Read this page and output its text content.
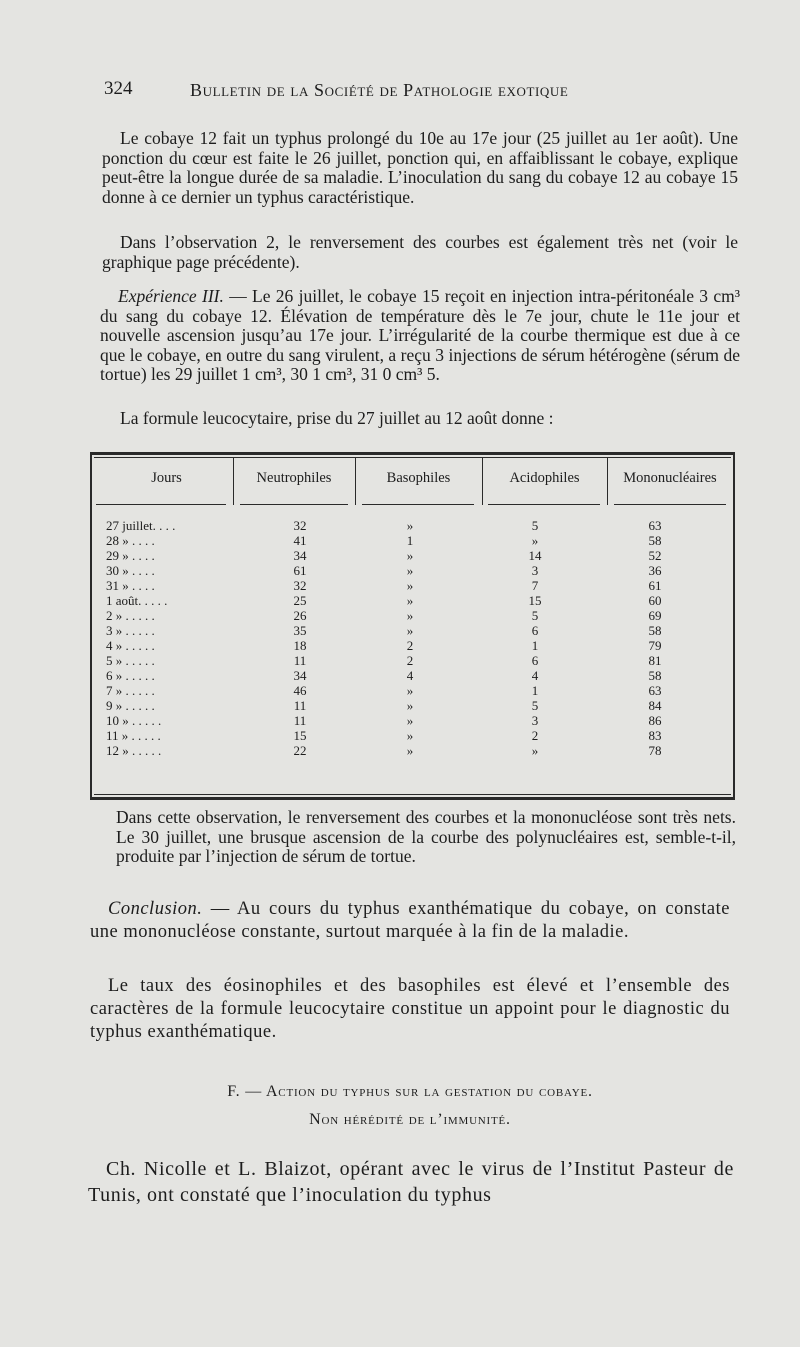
324	Bulletin de la Société de Pathologie exotique
Le cobaye 12 fait un typhus prolongé du 10e au 17e jour (25 juillet au 1er août). Une ponction du cœur est faite le 26 juillet, ponction qui, en affaiblissant le cobaye, explique peut-être la longue durée de sa maladie. L’inoculation du sang du cobaye 12 au cobaye 15 donne à ce dernier un typhus caractéristique.
Dans l’observation 2, le renversement des courbes est également très net (voir le graphique page précédente).
Expérience III. — Le 26 juillet, le cobaye 15 reçoit en injection intra-péritonéale 3 cm³ du sang du cobaye 12. Élévation de température dès le 7e jour, chute le 11e jour et nouvelle ascension jusqu’au 17e jour. L’irrégularité de la courbe thermique est due à ce que le cobaye, en outre du sang virulent, a reçu 3 injections de sérum hétérogène (sérum de tortue) les 29 juillet 1 cm³, 30 1 cm³, 31 0 cm³ 5.
La formule leucocytaire, prise du 27 juillet au 12 août donne :
Jours	Neutrophiles	Basophiles	Acidophiles	Mononucléaires
27 juillet. . . .	32	»	5	63
28 » . . . .	41	1	»	58
29 » . . . .	34	»	14	52
30 » . . . .	61	»	3	36
31 » . . . .	32	»	7	61
1 août. . . . .	25	»	15	60
2 » . . . . .	26	»	5	69
3 » . . . . .	35	»	6	58
4 » . . . . .	18	2	1	79
5 » . . . . .	11	2	6	81
6 » . . . . .	34	4	4	58
7 » . . . . .	46	»	1	63
9 » . . . . .	11	»	5	84
10 » . . . . .	11	»	3	86
11 » . . . . .	15	»	2	83
12 » . . . . .	22	»	»	78
Dans cette observation, le renversement des courbes et la mononucléose sont très nets. Le 30 juillet, une brusque ascension de la courbe des polynucléaires est, semble-t-il, produite par l’injection de sérum de tortue.
Conclusion. — Au cours du typhus exanthématique du cobaye, on constate une mononucléose constante, surtout marquée à la fin de la maladie.
Le taux des éosinophiles et des basophiles est élevé et l’ensemble des caractères de la formule leucocytaire constitue un appoint pour le diagnostic du typhus exanthématique.
F. — Action du typhus sur la gestation du cobaye.
Non hérédité de l’immunité.
Ch. Nicolle et L. Blaizot, opérant avec le virus de l’Institut Pasteur de Tunis, ont constaté que l’inoculation du typhus
